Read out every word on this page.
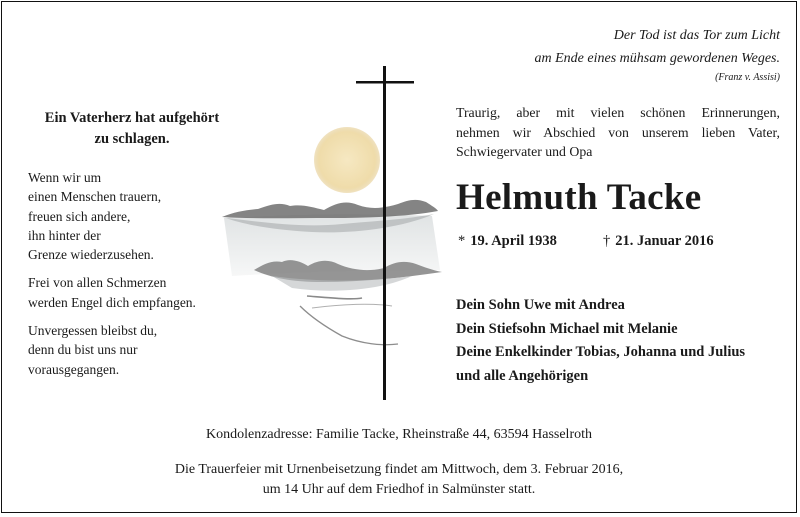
Der Tod ist das Tor zum Licht
am Ende eines mühsam gewordenen Weges.
(Franz v. Assisi)
Ein Vaterherz hat aufgehört
zu schlagen.

Wenn wir um
einen Menschen trauern,
freuen sich andere,
ihn hinter der
Grenze wiederzusehen.

Frei von allen Schmerzen
werden Engel dich empfangen.

Unvergessen bleibst du,
denn du bist uns nur
vorausgegangen.

Traurig, aber mit vielen schönen Erinnerungen,
nehmen wir Abschied von unserem lieben Vater,
Schwiegervater und Opa
Helmuth Tacke
* 19. April 1938	† 21. Januar 2016
Dein Sohn Uwe mit Andrea
Dein Stiefsohn Michael mit Melanie
Deine Enkelkinder Tobias, Johanna und Julius
und alle Angehörigen
Kondolenzadresse: Familie Tacke, Rheinstraße 44, 63594 Hasselroth
Die Trauerfeier mit Urnenbeisetzung findet am Mittwoch, dem 3. Februar 2016,
um 14 Uhr auf dem Friedhof in Salmünster statt.
